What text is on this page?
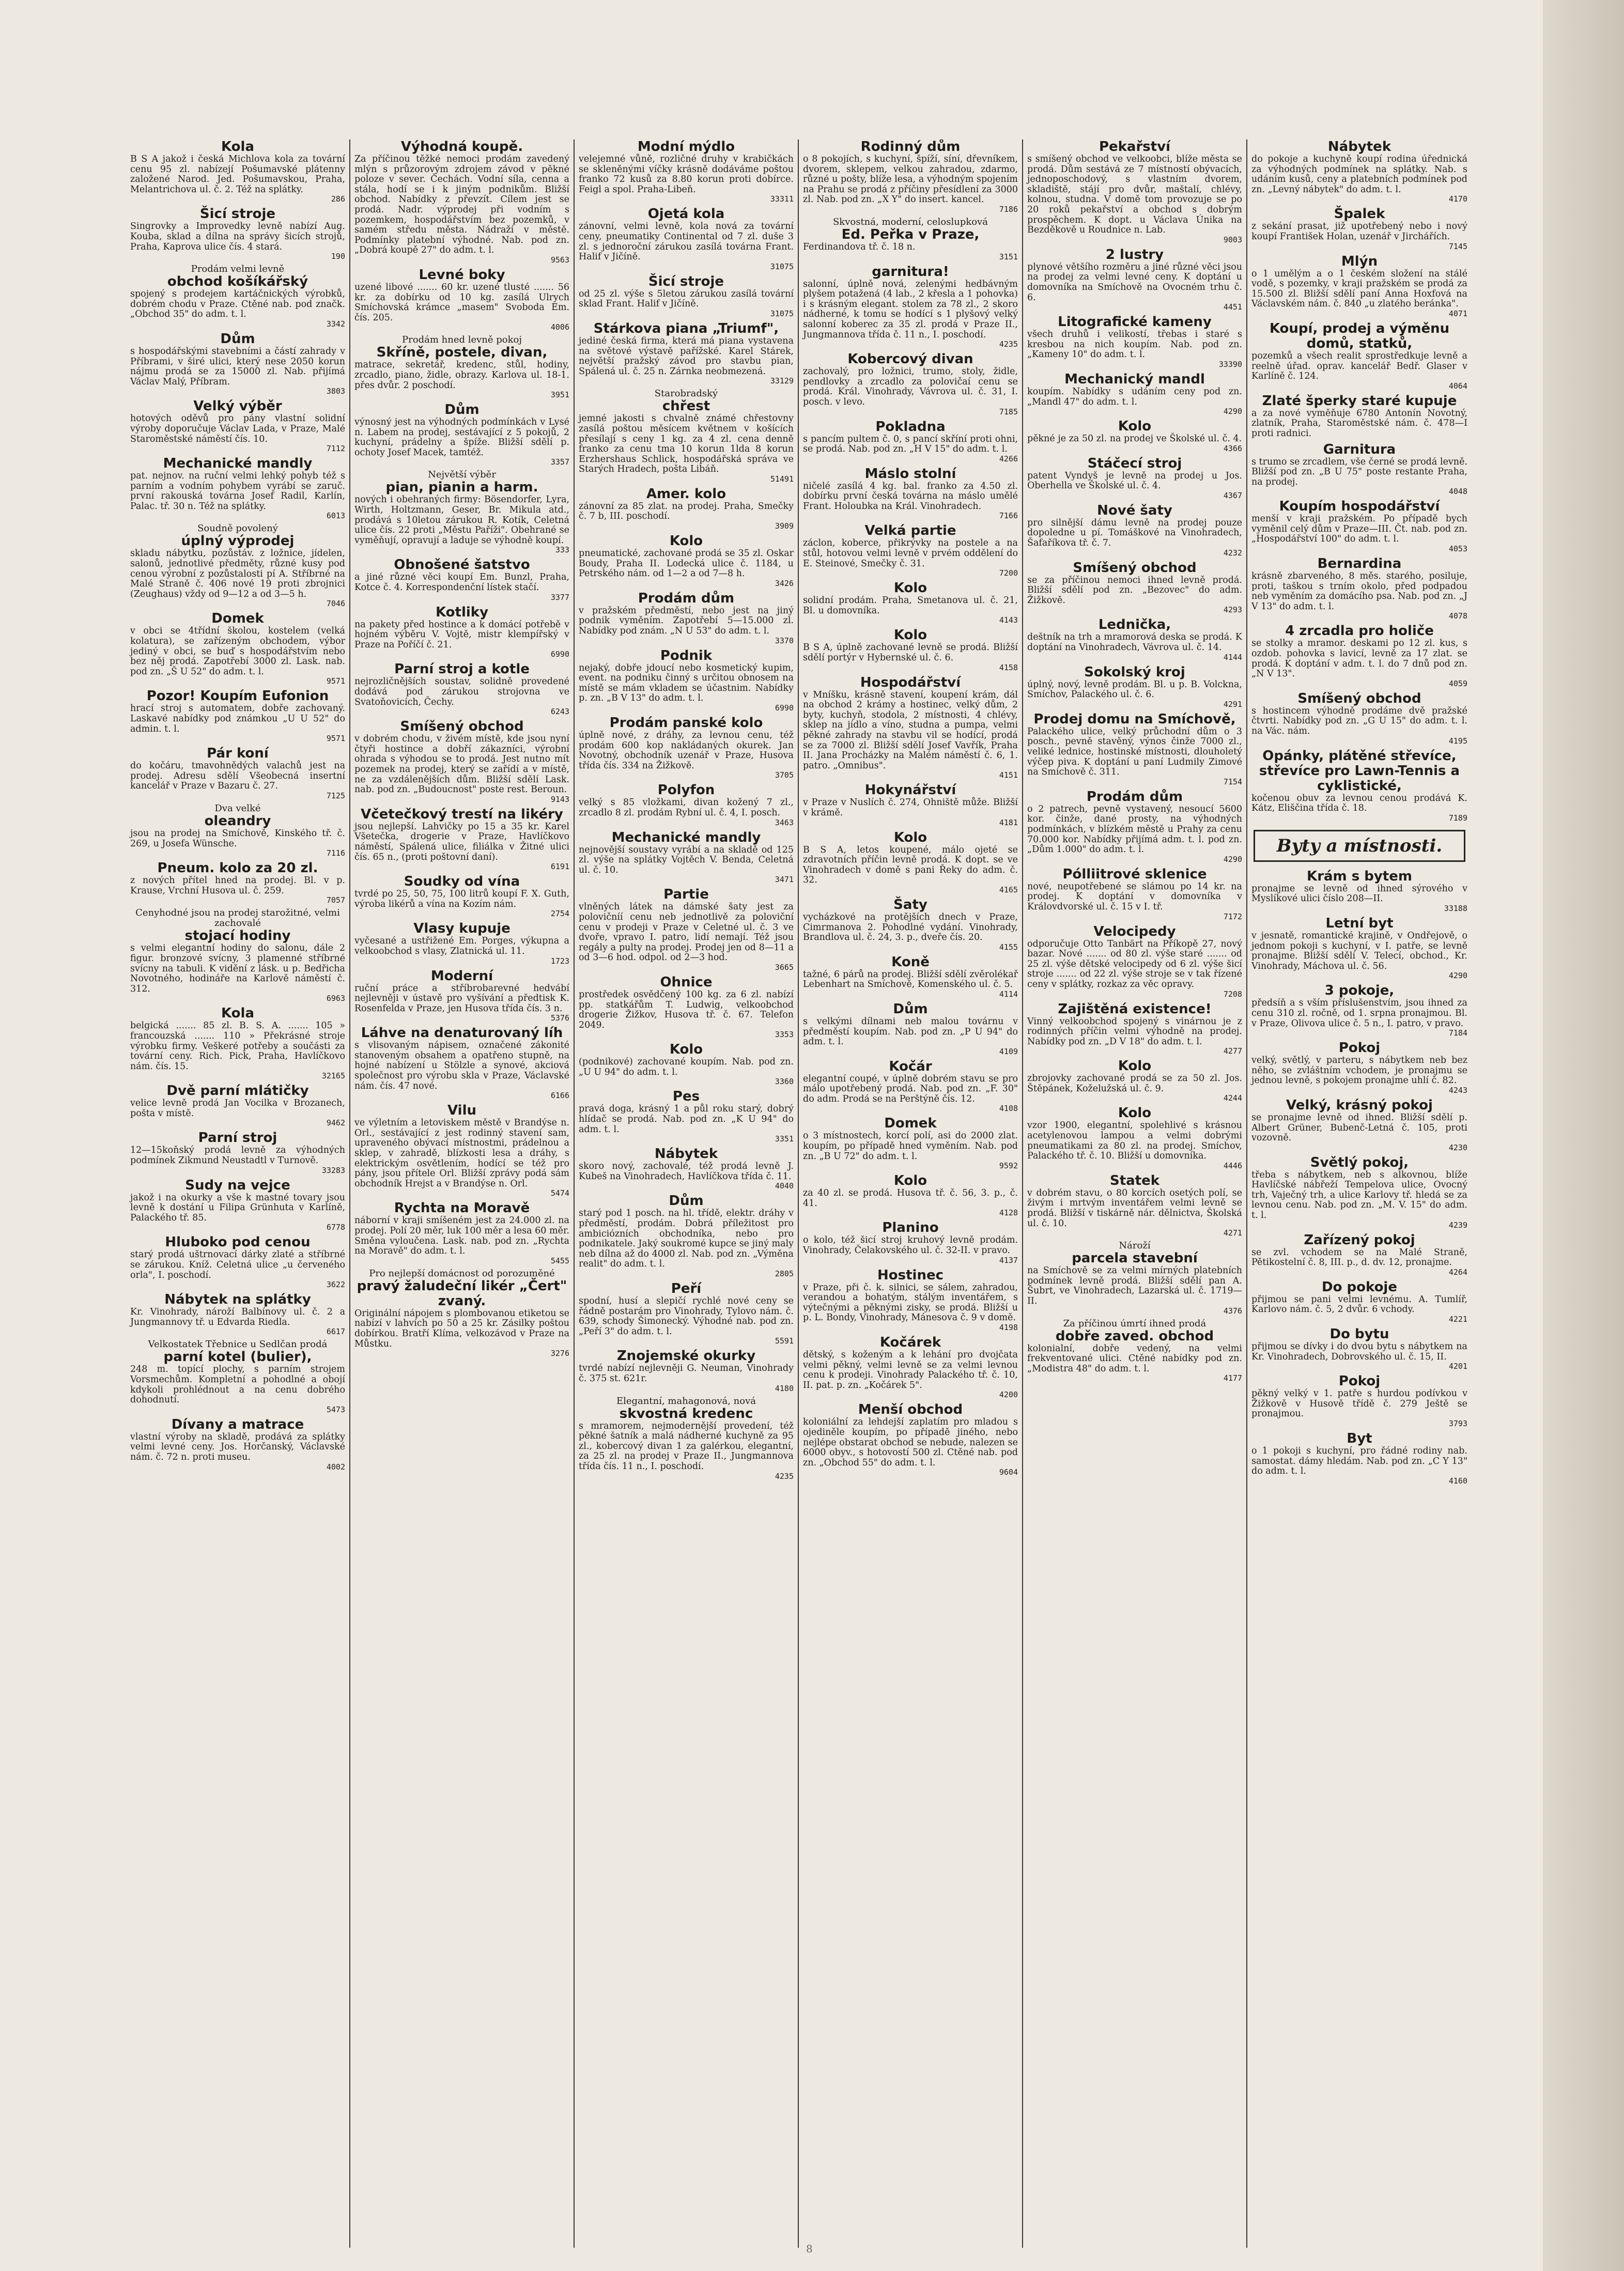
Kola

B S A jakož i česká Michlova kola za tovární cenu 95 zl. nabízejí Pošumavské plátenny založené Narod. Jed. Pošumavskou, Praha, Melantrichova ul. č. 2. Též na splátky.

286

Šicí stroje

Singrovky a Improvedky levně nabízí Aug. Kouba, sklad a dílna na správy šicích strojů, Praha, Kaprova ulice čís. 4 stará.

190

Prodám velmi levně

obchod košíkářský

spojený s prodejem kartáčnických výrobků, dobrém chodu v Praze. Ctěné nab. pod značk. „Obchod 35" do adm. t. l.

3342

Dům

s hospodářskými stavebními a částí zahrady v Příbrami, v širé ulici, který nese 2050 korun nájmu prodá se za 15000 zl. Nab. přijímá Václav Malý, Příbram.

3803

Velký výběr

hotových oděvů pro pány vlastní solidní výroby doporučuje Václav Lada, v Praze, Malé Staroměstské náměstí čís. 10.

7112

Mechanické mandly

pat. nejnov. na ruční velmi lehký pohyb též s parním a vodním pohybem vyrábí se zaruč. první rakouská továrna Josef Radil, Karlín, Palac. tř. 30 n. Též na splátky.

6013

Soudně povolený

úplný výprodej

skladu nábytku, pozůstáv. z ložnice, jídelen, salonů, jednotlivé předměty, různé kusy pod cenou výrobní z pozůstalosti pí A. Stříbrné na Malé Straně č. 406 nové 19 proti zbrojnici (Zeughaus) vždy od 9—12 a od 3—5 h.

7046

Domek

v obci se 4třídní školou, kostelem (velká kolatura), se zařízeným obchodem, výbor jediný v obci, se buď s hospodářstvím nebo bez něj prodá. Zapotřebí 3000 zl. Lask. nab. pod zn. „Š U 52" do adm. t. l.

9571

Pozor! Koupím Eufonion

hrací stroj s automatem, dobře zachovaný. Laskavé nabídky pod známkou „U U 52" do admin. t. l.

9571

Pár koní

do kočáru, tmavohnědých valachů jest na prodej. Adresu sdělí Všeobecná insertní kancelář v Praze v Bazaru č. 27.

7125

Dva velké

oleandry

jsou na prodej na Smíchově, Kinského tř. č. 269, u Josefa Wünsche.

7116

Pneum. kolo za 20 zl.

z nových přítel hned na prodej. Bl. v p. Krause, Vrchní Husova ul. č. 259.

7057

Cenyhodné jsou na prodej starožitné, velmi zachovalé

stojací hodiny

s velmi elegantní hodiny do salonu, dále 2 figur. bronzové svícny, 3 plamenné stříbrné svícny na tabuli. K vidění z lásk. u p. Bedřicha Novotného, hodináře na Karlově náměstí č. 312.

6963

Kola

belgická ....... 85 zl. B. S. A. ....... 105 » francouzská ....... 110 » Překrásné stroje výrobku firmy. Veškeré potřeby a součásti za tovární ceny. Rich. Pick, Praha, Havlíčkovo nám. čís. 15.

32165

Dvě parní mlátičky

velice levně prodá Jan Vocilka v Brozanech, pošta v místě.

9462

Parní stroj

12—15koňský prodá levně za výhodných podmínek Zikmund Neustadtl v Turnově.

33283

Sudy na vejce

jakož i na okurky a vše k mastné tovary jsou levně k dostání u Filipa Grünhuta v Karlíně, Palackého tř. 85.

6778

Hluboko pod cenou

starý prodá uštrnovací dárky zlaté a stříbrné se zárukou. Kníž. Celetná ulice „u červeného orla", I. poschodí.

3622

Nábytek na splátky

Kr. Vinohrady, nároží Balbínovy ul. č. 2 a Jungmannovy tř. u Edvarda Riedla.

6617

Velkostatek Třebnice u Sedlčan prodá

parní kotel (bulier),

248 m. topící plochy, s parním strojem Vorsmechům. Kompletní a pohodlné a obojí kdykoli prohlédnout a na cenu dobrého dohodnutí.

5473

Dívany a matrace

vlastní výroby na skladě, prodává za splátky velmi levné ceny. Jos. Horčanský, Václavské nám. č. 72 n. proti museu.

4002

Výhodná koupě.

Za příčinou těžké nemoci prodám zavedený mlýn s průzorovým zdrojem závod v pěkné poloze v sever. Čechách. Vodní síla, cenna a stála, hodí se i k jiným podnikům. Bližší obchod. Nabídky z převzít. Cílem jest se prodá. Nadr. výprodej při vodním s pozemkem, hospodářstvím bez pozemků, v samém středu města. Nádraží v městě. Podmínky platební výhodné. Nab. pod zn. „Dobrá koupě 27" do adm. t. l.

9563

Levné boky

uzené libové ....... 60 kr. uzené tlusté ....... 56 kr. za dobírku od 10 kg. zasílá Ulrych Smíchovská krámce „masem" Svoboda Em. čís. 205.

4006

Prodám hned levně pokoj

Skříně, postele, divan,

matrace, sekretář, kredenc, stůl, hodiny, zrcadlo, piano, židle, obrazy. Karlova ul. 18-1. přes dvůr. 2 poschodí.

3951

Dům

výnosný jest na výhodných podmínkách v Lysé n. Labem na prodej, sestávající z 5 pokojů, 2 kuchyní, prádelny a špíže. Bližší sdělí p. ochoty Josef Macek, tamtéž.

3357

Největší výběr

pian, pianin a harm.

nových i obehraných firmy: Bösendorfer, Lyra, Wirth, Holtzmann, Geser, Br. Mikula atd., prodává s 10letou zárukou R. Kotík, Celetná ulice čís. 22 proti „Městu Paříži". Obehrané se vyměňují, opravují a laduje se výhodně koupí.

333

Obnošené šatstvo

a jiné různé věci koupí Em. Bunzl, Praha, Kotce č. 4. Korrespondenční lístek stačí.

3377

Kotliky

na pakety před hostince a k domácí potřebě v hojném výběru V. Vojtě, mistr klempířský v Praze na Poříčí č. 21.

6990

Parní stroj a kotle

nejrozličnějších soustav, solidně provedené dodává pod zárukou strojovna ve Svatoňovicích, Čechy.

6243

Smíšený obchod

v dobrém chodu, v živém místě, kde jsou nyní čtyři hostince a dobří zákazníci, výrobní ohrada s výhodou se to prodá. Jest nutno mít pozemek na prodej, který se zařídí a v místě, ne za vzdálenějších dům. Bližší sdělí Lask. nab. pod zn. „Budoucnost" poste rest. Beroun.

9143

Včetečkový trestí na likéry

jsou nejlepší. Lahvičky po 15 a 35 kr. Karel Všetečka, drogerie v Praze, Havlíčkovo náměstí, Spálená ulice, filiálka v Žitné ulici čís. 65 n., (proti poštovní daní).

6191

Soudky od vína

tvrdé po 25, 50, 75, 100 litrů koupí F. X. Guth, výroba likérů a vína na Kozím nám.

2754

Vlasy kupuje

vyčesané a ustřižené Em. Porges, výkupna a velkoobchod s vlasy, Zlatnická ul. 11.

1723

Moderní

ruční práce a stříbrobarevné hedvábí nejlevněji v ústavě pro vyšívání a předtisk K. Rosenfelda v Praze, jen Husova třída čís. 3 n.

5376

Láhve na denaturovaný líh

s vlisovaným nápisem, označené zákonité stanoveným obsahem a opatřeno stupně, na hojné nabízení u Stölzle a synové, akciová společnost pro výrobu skla v Praze, Václavské nám. čís. 47 nové.

6166

Vilu

ve výletním a letoviskem městě v Brandýse n. Orl., sestávající z jest rodinný stavení sam, upraveného obývací místnostmi, prádelnou a sklep, v zahradě, blízkosti lesa a dráhy, s elektrickým osvětlením, hodící se též pro pány, jsou přítele Orl. Bližší zprávy podá sám obchodník Hrejst a v Brandýse n. Orl.

5474

Rychta na Moravě

náborní v kraji smíšeném jest za 24.000 zl. na prodej. Polí 20 měr, luk 100 měr a lesa 60 měr. Směna vyloučena. Lask. nab. pod zn. „Rychta na Moravě" do adm. t. l.

5455

Pro nejlepší domácnost od porozuměné

pravý žaludeční likér „Čert" zvaný.

Originální nápojem s plombovanou etiketou se nabízí v lahvích po 50 a 25 kr. Zásilky poštou dobírkou. Bratří Klíma, velkozávod v Praze na Můstku.

3276

Modní mýdlo

velejemné vůně, rozličné druhy v krabičkách se skleněnými víčky krásně dodáváme poštou franko 72 kusů za 8.80 korun proti dobírce. Feigl a spol. Praha-Libeň.

33311

Ojetá kola

zánovní, velmi levně, kola nová za tovární ceny, pneumatiky Continental od 7 zl. duše 3 zl. s jednoroční zárukou zasílá továrna Frant. Halif v Jičíně.

31075

Šicí stroje

od 25 zl. výše s 5letou zárukou zasílá tovární sklad Frant. Halif v Jičíně.

31075

Stárkova piana „Triumf",

jediné česká firma, která má piana vystavena na světové výstavě pařížské. Karel Stárek, největší pražský závod pro stavbu pian, Spálená ul. č. 25 n. Zárnka neobmezená.

33129

Starobradský

chřest

jemné jakosti s chvalně známé chřestovny zasílá poštou měsícem květnem v košících přesílají s ceny 1 kg. za 4 zl. cena denně franko za cenu tma 10 korun 1lda 8 korun Erzhershaus Schlick, hospodářská správa ve Starých Hradech, pošta Libáň.

51491

Amer. kolo

zánovní za 85 zlat. na prodej. Praha, Smečky č. 7 b, III. poschodí.

3909

Kolo

pneumatické, zachované prodá se 35 zl. Oskar Boudy, Praha II. Lodecká ulice č. 1184, u Petrského nám. od 1—2 a od 7—8 h.

3426

Prodám dům

v pražském předměstí, nebo jest na jiný podnik vyměním. Zapotřebí 5—15.000 zl. Nabídky pod znám. „N U 53" do adm. t. l.

3370

Podnik

nejaký, dobře jdoucí nebo kosmetický kupim, event. na podniku činný s určitou obnosem na místě se mám vkladem se účastnim. Nabídky p. zn. „B V 13" do adm. t. l.

6990

Prodám panské kolo

úplně nové, z dráhy, za levnou cenu, též prodám 600 kop nakládaných okurek. Jan Novotný, obchodník uzenář v Praze, Husova třída čís. 334 na Žižkově.

3705

Polyfon

velký s 85 vložkami, divan kožený 7 zl., zrcadlo 8 zl. prodám Rybní ul. č. 4, I. posch.

3463

Mechanické mandly

nejnovější soustavy vyrábí a na skladě od 125 zl. výše na splátky Vojtěch V. Benda, Celetná ul. č. 10.

3471

Partie

vlněných látek na dámské šaty jest za polovičníí cenu neb jednotlivě za poloviční cenu v prodeji v Praze v Celetné ul. č. 3 ve dvoře, vpravo I. patro, lidí nemají. Též jsou regály a pulty na prodej. Prodej jen od 8—11 a od 3—6 hod. odpol. od 2—3 hod.

3665

Ohnice

prostředek osvědčený 100 kg. za 6 zl. nabízí pp. statkářům T. Ludwig, velkoobchod drogerie Žižkov, Husova tř. č. 67. Telefon 2049.

3353

Kolo

(podnikové) zachované koupím. Nab. pod zn. „U U 94" do adm. t. l.

3360

Pes

pravá doga, krásný 1 a půl roku starý, dobrý hlídač se prodá. Nab. pod zn. „K U 94" do adm. t. l.

3351

Nábytek

skoro nový, zachovalé, též prodá levně J. Kubeš na Vinohradech, Havlíčkova třída č. 11.

4040

Dům

starý pod 1 posch. na hl. třídě, elektr. dráhy v předměstí, prodám. Dobrá příležitost pro ambiciózních obchodníka, nebo pro podnikatele. Jaký soukromé kupce se jiný maly neb dílna až do 4000 zl. Nab. pod zn. „Výměna realit" do adm. t. l.

2805

Peří

spodní, husí a slepičí rychlé nové ceny se řádně postarám pro Vinohrady, Tylovo nám. č. 639, schody Šimonecký. Výhodné nab. pod zn. „Peří 3" do adm. t. l.

5591

Znojemské okurky

tvrdé nabízí nejlevněji G. Neuman, Vinohrady č. 375 st. 621r.

4180

Elegantní, mahagonová, nová

skvostná kredenc

s mramorem, nejmodernější provedení, též pěkné šatník a malá nádherné kuchyně za 95 zl., kobercový divan 1 za galérkou, elegantní, za 25 zl. na prodej v Praze II., Jungmannova třída čís. 11 n., I. poschodí.

4235

Rodinný dům

o 8 pokojích, s kuchyní, špíží, síní, dřevníkem, dvorem, sklepem, velkou zahradou, zdarmo, různé u pošty, blíže lesa, a výhodným spojením na Prahu se prodá z příčiny přesídlení za 3000 zl. Nab. pod zn. „X Y" do insert. kancel.

7186

Skvostná, moderní, celoslupková

Ed. Peřka v Praze,

Ferdinandova tř. č. 18 n.

3151

garnitura!

salonní, úplně nová, zelenými hedbávným plyšem potažená (4 lab., 2 křesla a 1 pohovka) i s krásným elegant. stolem za 78 zl., 2 skoro nádherné, k tomu se hodící s 1 plyšový velký salonní koberec za 35 zl. prodá v Praze II., Jungmannova třída č. 11 n., I. poschodí.

4235

Kobercový divan

zachovalý, pro ložnici, trumo, stoly, židle, pendlovky a zrcadlo za polovičaí cenu se prodá. Král. Vinohrady, Vávrova ul. č. 31, I. posch. v levo.

7185

Pokladna

s pancím pultem č. 0, s pancí skříní proti ohni, se prodá. Nab. pod zn. „H V 15" do adm. t. l.

4266

Máslo stolní

ničelé zasílá 4 kg. bal. franko za 4.50 zl. dobírku první česká továrna na máslo umělé Frant. Holoubka na Král. Vinohradech.

7166

Velká partie

záclon, koberce, přikrývky na postele a na stůl, hotovou velmi levně v prvém oddělení do E. Steinové, Smečky č. 31.

7200

Kolo

solidní prodám. Praha, Smetanova ul. č. 21, Bl. u domovníka.

4143

Kolo

B S A, úplně zachované levně se prodá. Bližší sdělí portýr v Hybernské ul. č. 6.

4158

Hospodářství

v Mníšku, krásně stavení, koupení krám, dál na obchod 2 krámy a hostinec, velký dům, 2 byty, kuchyň, stodola, 2 místnosti, 4 chlévy, sklep na jídlo a víno, studna a pumpa, velmi pěkné zahrady na stavbu vil se hodící, prodá se za 7000 zl. Bližší sdělí Josef Vavřík, Praha II. Jana Procházky na Malém náměstí č. 6, 1. patro. „Omnibus".

4151

Hokynářství

v Praze v Nuslích č. 274, Ohniště může. Bližší v krámě.

4181

Kolo

B S A, letos koupené, málo ojeté se zdravotních příčin levně prodá. K dopt. se ve Vinohradech v domě s pani Řeky do adm. č. 32.

4165

Šaty

vycházkové na protějších dnech v Praze, Cimrmanova 2. Pohodlné vydání. Vinohrady, Brandlova ul. č. 24, 3. p., dveře čís. 20.

4155

Koně

tažné, 6 párů na prodej. Bližší sdělí zvěrolékař Lebenhart na Smíchově, Komenského ul. č. 5.

4114

Dům

s velkými dílnami neb malou továrnu v předměstí koupím. Nab. pod zn. „P U 94" do adm. t. l.

4109

Kočár

elegantní coupé, v úplně dobrém stavu se pro málo upotřebený prodá. Nab. pod zn. „F. 30" do adm. Prodá se na Perštýně čís. 12.

4108

Domek

o 3 místnostech, korcí polí, asi do 2000 zlat. koupím, po případě hned vyměním. Nab. pod zn. „B U 72" do adm. t. l.

9592

Kolo

za 40 zl. se prodá. Husova tř. č. 56, 3. p., č. 41.

4128

Planino

o kolo, též šicí stroj kruhový levně prodám. Vinohrady, Čelakovského ul. č. 32-II. v pravo.

4137

Hostinec

v Praze, při č. k. silnici, se sálem, zahradou, verandou a bohatým, stálým inventářem, s výtečnými a pěknými zisky, se prodá. Bližší u p. L. Bondy, Vinohrady, Mánesova č. 9 v domě.

4198

Kočárek

dětský, s koženým a k lehání pro dvojčata velmi pěkný, velmi levně se za velmi levnou cenu k prodeji. Vinohrady Palackého tř. č. 10, II. pat. p. zn. „Kočárek 5".

4200

Menší obchod

koloniální za lehdejší zaplatím pro mladou s ojediněle koupím, po případě jiného, nebo nejlépe obstarat obchod se nebude, nalezen se 6000 obyv., s hotovostí 500 zl. Ctěné nab. pod zn. „Obchod 55" do adm. t. l.

9604

Pekařství

s smíšený obchod ve velkoobci, blíže města se prodá. Dům sestává ze 7 místností obývacích, jednoposchodový, s vlastním dvorem, skladiště, stájí pro dvůr, maštalí, chlévy, kolnou, studna. V domě tom provozuje se po 20 roků pekařství a obchod s dobrým prospěchem. K dopt. u Václava Únika na Bezděkově u Roudnice n. Lab.

9003

2 lustry

plynové většího rozměru a jiné různé věci jsou na prodej za velmi levné ceny. K doptání u domovníka na Smíchově na Ovocném trhu č. 6.

4451

Litografické kameny

všech druhů i velikostí, třebas i staré s kresbou na nich koupím. Nab. pod zn. „Kameny 10" do adm. t. l.

33390

Mechanický mandl

koupím. Nabídky s udáním ceny pod zn. „Mandl 47" do adm. t. l.

4290

Kolo

pěkné je za 50 zl. na prodej ve Školské ul. č. 4.

4366

Stáčecí stroj

patent Vyndyš je levně na prodej u Jos. Oberhella ve Školské ul. č. 4.

4367

Nové šaty

pro silnější dámu levně na prodej pouze dopoledne u pí. Tomáškové na Vinohradech, Šafaříkova tř. č. 7.

4232

Smíšený obchod

se za příčinou nemoci ihned levně prodá. Bližší sdělí pod zn. „Bezovec" do adm. Žižkově.

4293

Lednička,

deštník na trh a mramorová deska se prodá. K doptání na Vinohradech, Vávrova ul. č. 14.

4144

Sokolský kroj

úplný, nový, levně prodám. Bl. u p. B. Volckna, Smíchov, Palackého ul. č. 6.

4291

Prodej domu na Smíchově,

Palackého ulice, velký průchodní dům o 3 posch., pevně stavěný, výnos činže 7000 zl., veliké lednice, hostinské místnosti, dlouholetý výčep piva. K doptání u paní Ludmily Zimové na Smíchově č. 311.

7154

Prodám dům

o 2 patrech, pevně vystavený, nesoucí 5600 kor. činže, dané prosty, na výhodných podmínkách, v blízkém městě u Prahy za cenu 70.000 kor. Nabídky přijímá adm. t. l. pod zn. „Dům 1.000" do adm. t. l.

4290

Pólliitrové sklenice

nové, neupotřebené se slámou po 14 kr. na prodej. K doptání v domovníka v Královdvorské ul. č. 15 v I. tř.

7172

Velocipedy

odporučuje Otto Tanbärt na Příkopě 27, nový bazar. Nové ....... od 80 zl. výše staré ....... od 25 zl. výše dětské velocipedy od 6 zl. výše šicí stroje ....... od 22 zl. výše stroje se v tak řízené ceny v splátky, rozkaz za věc opravy.

7208

Zajištěná existence!

Vinný velkoobchod spojený s vinárnou je z rodinných příčin velmi výhodně na prodej. Nabídky pod zn. „D V 18" do adm. t. l.

4277

Kolo

zbrojovky zachované prodá se za 50 zl. Jos. Štěpánek, Koželužská ul. č. 9.

4244

Kolo

vzor 1900, elegantní, spolehlivé s krásnou acetylenovou lampou a velmi dobrými pneumatikami za 80 zl. na prodej. Smíchov, Palackého tř. č. 10. Bližší u domovníka.

4446

Statek

v dobrém stavu, o 80 korcích osetých polí, se živým i mrtvým inventářem velmi levně se prodá. Bližší v tiskárně nár. dělnictva, Školská ul. č. 10.

4271

Nároží

parcela stavební

na Smíchově se za velmi mírných platebních podmínek levně prodá. Bližší sdělí pan A. Šubrt, ve Vinohradech, Lazarská ul. č. 1719—II.

4376

Za příčinou úmrtí ihned prodá

dobře zaved. obchod

kolonialní, dobře vedený, na velmi frekventované ulici. Ctěné nabídky pod zn. „Modistra 48" do adm. t. l.

4177

Nábytek

do pokoje a kuchyně koupí rodina úřednická za výhodných podmínek na splátky. Nab. s udáním kusů, ceny a platebních podmínek pod zn. „Levný nábytek" do adm. t. l.

4170

Špalek

z sekání prasat, již upotřebený nebo i nový koupí František Holan, uzenář v Jirchářích.

7145

Mlýn

o 1 umělým a o 1 českém složení na stálé vodě, s pozemky, v kraji pražském se prodá za 15.500 zl. Bližší sdělí paní Anna Hoxfová na Václavském nám. č. 840 „u zlatého beránka".

4071

Koupí, prodej a výměnu domů, statků,

pozemků a všech realit sprostředkuje levně a reelně úřad. oprav. kancelář Bedř. Glaser v Karlíně č. 124.

4064

Zlaté šperky staré kupuje

a za nové vyměňuje 6780 Antonín Novotný, zlatník, Praha, Staroměstské nám. č. 478—I proti radnici.

Garnitura

s trumo se zrcadlem, vše černé se prodá levně. Bližší pod zn. „B U 75" poste restante Praha, na prodej.

4048

Koupím hospodářství

menší v kraji pražském. Po případě bych vyměnil celý dům v Praze—III. Čt. nab. pod zn. „Hospodářství 100" do adm. t. l.

4053

Bernardina

krásně zbarveného, 8 měs. starého, posiluje, proti, taškou s trním okolo, před podpadou neb vyměním za domácího psa. Nab. pod zn. „J V 13" do adm. t. l.

4078

4 zrcadla pro holiče

se stolky a mramor. deskami po 12 zl. kus, s ozdob. pohovka s lavicí, levně za 17 zlat. se prodá. K doptání v adm. t. l. do 7 dnů pod zn. „N V 13".

4059

Smíšený obchod

s hostincem výhodně prodáme dvě pražské čtvrti. Nabídky pod zn. „G U 15" do adm. t. l. na Vác. nám.

4195

Opánky, plátěné střevíce, střevíce pro Lawn-Tennis a cyklistické,

kočenou obuv za levnou cenou prodává K. Kátz, Eliščina třída č. 18.

7189

Byty a místnosti.

Krám s bytem

pronajme se levně od ihned sýrového v Myslíkové ulici číslo 208—II.

33188

Letní byt

v jesnatě, romantické krajině, v Ondřejově, o jednom pokoji s kuchyní, v I. patře, se levně pronajme. Bližší sdělí V. Telecí, obchod., Kr. Vinohrady, Máchova ul. č. 56.

4290

3 pokoje,

předsíň a s vším příslušenstvím, jsou ihned za cenu 310 zl. ročně, od 1. srpna pronajmou. Bl. v Praze, Olivova ulice č. 5 n., I. patro, v pravo.

7184

Pokoj

velký, světlý, v parteru, s nábytkem neb bez něho, se zvláštním vchodem, je pronajmu se jednou levně, s pokojem pronajme uhlí č. 82.

4243

Velký, krásný pokoj

se pronajme levně od ihned. Bližší sdělí p. Albert Grüner, Bubenč-Letná č. 105, proti vozovně.

4230

Světlý pokoj,

třeba s nábytkem, neb s alkovnou, blíže Havlíčské nábřeží Tempelova ulice, Ovocný trh, Vaječný trh, a ulice Karlovy tř. hledá se za levnou cenu. Nab. pod zn. „M. V. 15" do adm. t. l.

4239

Zařízený pokoj

se zvl. vchodem se na Malé Straně, Pětikostelní č. 8, III. p., d. dv. 12, pronajme.

4264

Do pokoje

přijmou se pani velmi levnému. A. Tumlíř, Karlovo nám. č. 5, 2 dvůr. 6 vchody.

4221

Do bytu

přijmou se dívky i do dvou bytu s nábytkem na Kr. Vinohradech, Dobrovského ul. č. 15, II.

4201

Pokoj

pěkný velký v 1. patře s hurdou podívkou v Žižkově v Husově třídě č. 279 Ještě se pronajmou.

3793

Byt

o 1 pokoji s kuchyní, pro řádné rodiny nab. samostat. dámy hledám. Nab. pod zn. „C Y 13" do adm. t. l.

4160

8
